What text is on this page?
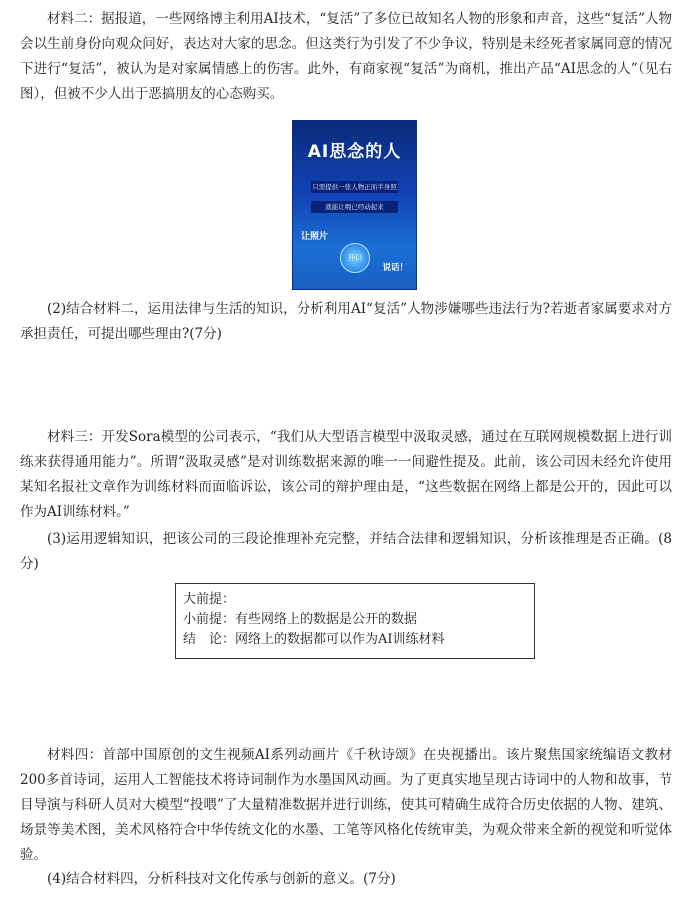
材料二：据报道，一些网络博主利用AI技术，“复活”了多位已故知名人物的形象和声音，这些“复活”人物会以生前身份向观众问好，表达对大家的思念。但这类行为引发了不少争议，特别是未经死者家属同意的情况下进行“复活”，被认为是对家属情感上的伤害。此外，有商家视“复活”为商机，推出产品“AI思念的人”（见右图），但被不少人出于恶搞朋友的心态购买。

AI思念的人
只需提供一张人物正面半身照
就能让喂已经动起来
让照片
开口
说话！

(2)结合材料二，运用法律与生活的知识，分析利用AI“复活”人物涉嫌哪些违法行为?若逝者家属要求对方承担责任，可提出哪些理由?(7分)

材料三：开发Sora模型的公司表示，“我们从大型语言模型中汲取灵感，通过在互联网规模数据上进行训练来获得通用能力”。所谓“汲取灵感”是对训练数据来源的唯一一间避性提及。此前，该公司因未经允许使用某知名报社文章作为训练材料而面临诉讼，该公司的辩护理由是，“这些数据在网络上都是公开的，因此可以作为AI训练材料。”

(3)运用逻辑知识，把该公司的三段论推理补充完整，并结合法律和逻辑知识，分析该推理是否正确。(8分)

大前提：
小前提：有些网络上的数据是公开的数据
结　论：网络上的数据都可以作为AI训练材料

材料四：首部中国原创的文生视频AI系列动画片《千秋诗颂》在央视播出。该片聚焦国家统编语文教材200多首诗词，运用人工智能技术将诗词制作为水墨国风动画。为了更真实地呈现古诗词中的人物和故事，节目导演与科研人员对大模型“投喂”了大量精准数据并进行训练，使其可精确生成符合历史依据的人物、建筑、场景等美术图，美术风格符合中华传统文化的水墨、工笔等风格化传统审美，为观众带来全新的视觉和听觉体验。

(4)结合材料四，分析科技对文化传承与创新的意义。(7分)
